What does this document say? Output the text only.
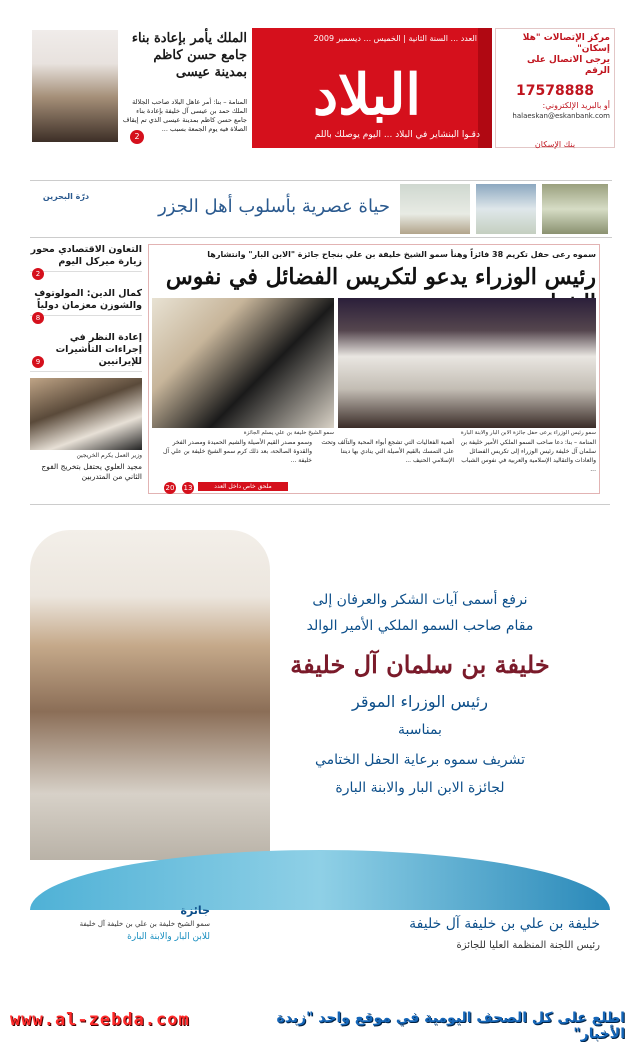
العدد ... السنة الثانية | الخميس ... ديسمبر 2009
البلاد
دقـوا البنشاير في البلاد ... اليوم يوصلك باللم
مركز الإتصالات "هلا إسكان"
يرجى الاتصال على الرقم
17578888
أو بالبريد الإلكتروني:
halaeskan@eskanbank.com
بنك الإسكان
الملك يأمر بإعادة بناء جامع حسن كاظم بمدينة عيسى
المنامة – بنا: أمر عاهل البلاد صاحب الجلالة الملك حمد بن عيسى آل خليفة بإعادة بناء جامع حسن كاظم بمدينة عيسى الذي تم إيقاف الصلاة فيه يوم الجمعة بسبب ...
2
درّة البحرين	حياة عصرية بأسلوب أهل الجزر
التعاون الاقتصادي محور زيارة ميركل اليوم
2
كمال الدين: المولوتوف والشوزن معزمان دولياً
8
إعادة النظر في إجراءات التأشيرات للإيرانيين
9
وزير العمل يكرم الخريجين
مجيد العلوي يحتفل بتخريج الفوج الثاني من المتدربين
سموه رعى حفل تكريم 38 فائزاً وهنأ سمو الشيخ خليفة بن علي بنجاح جائزة "الابن البار" وانتشارها
رئيس الوزراء يدعو لتكريس الفضائل في نفوس
سمو رئيس الوزراء يرعى حفل جائزة الابن البار والابنة البارة
سمو الشيخ خليفة بن علي يسلم الجائزة
المنامة – بنا: دعا صاحب السمو الملكي الأمير خليفة بن سلمان آل خليفة رئيس الوزراء إلى تكريس الفضائل والعادات والتقاليد الإسلامية والعربية في نفوس الشباب ...
أهمية الفعاليات التي تشجع أبواء المحبة والتآلف وتحث على التمسك بالقيم الأصيلة التي ينادي بها ديننا الإسلامي الحنيف ...
وسمو مصدر القيم الأصيلة والشيم الحميدة ومصدر الفخر والقدوة الصالحة، بعد ذلك كرم سمو الشيخ خليفة بن علي آل خليفة ...
13
20	ملحق خاص داخل العدد
نرفع أسمى آيات الشكر والعرفان إلى
مقام صاحب السمو الملكي الأمير الوالد
خليفة بن سلمان آل خليفة
رئيس الوزراء الموقر
بمناسبة
تشريف سموه برعاية الحفل الختامي
لجائزة الابن البار والابنة البارة
خليفة بن علي بن خليفة آل خليفة
رئيس اللجنة المنظمة العليا للجائزة
جائزة
سمو الشيخ خليفة بن علي بن خليفة آل خليفة
للابن البار والابنة البارة
www.al-zebda.com	اطلع على كل الصحف اليومية في موقع واحد "زبدة الأخبار"
